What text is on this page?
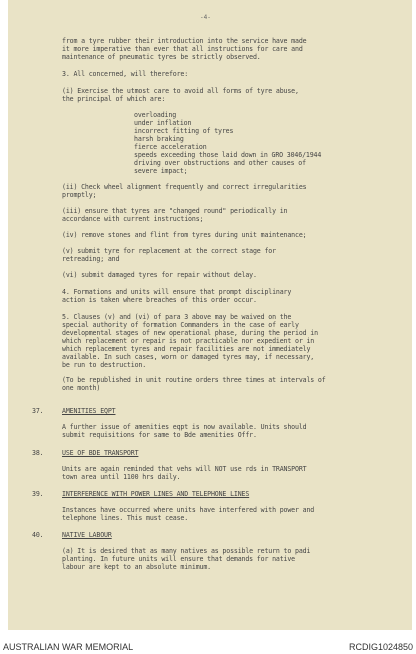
-4-
from a tyre rubber their introduction into the service have made
it more imperative than ever that all instructions for care and
maintenance of pneumatic tyres be strictly observed.
3. All concerned, will therefore:
(i) Exercise the utmost care to avoid all forms of tyre abuse,
the principal of which are:
overloading
under inflation
incorrect fitting of tyres
harsh braking
fierce acceleration
speeds exceeding those laid down in GRO 3046/1944
driving over obstructions and other causes of
severe impact;
(ii) Check wheel alignment frequently and correct irregularities
promptly;
(iii) ensure that tyres are "changed round" periodically in
accordance with current instructions;
(iv) remove stones and flint from tyres during unit maintenance;
(v) submit tyre for replacement at the correct stage for
retreading; and
(vi) submit damaged tyres for repair without delay.
4. Formations and units will ensure that prompt disciplinary
action is taken where breaches of this order occur.
5. Clauses (v) and (vi) of para 3 above may be waived on the
special authority of formation Commanders in the case of early
developmental stages of new operational phase, during the period in
which replacement or repair is not practicable nor expedient or in
which replacement tyres and repair facilities are not immediately
available. In such cases, worn or damaged tyres may, if necessary,
be run to destruction.
(To be republished in unit routine orders three times at intervals of
one month)
37.	AMENITIES EQPT
A further issue of amenities eqpt is now available. Units should
submit requisitions for same to Bde amenities Offr.
38.	USE OF BDE TRANSPORT
Units are again reminded that vehs will NOT use rds in TRANSPORT
town area until 1100 hrs daily.
39.	INTERFERENCE WITH POWER LINES AND TELEPHONE LINES
Instances have occurred where units have interfered with power and
telephone lines. This must cease.
40.	NATIVE LABOUR
(a) It is desired that as many natives as possible return to padi
planting. In future units will ensure that demands for native
labour are kept to an absolute minimum.
AUSTRALIAN WAR MEMORIAL	RCDIG1024850
